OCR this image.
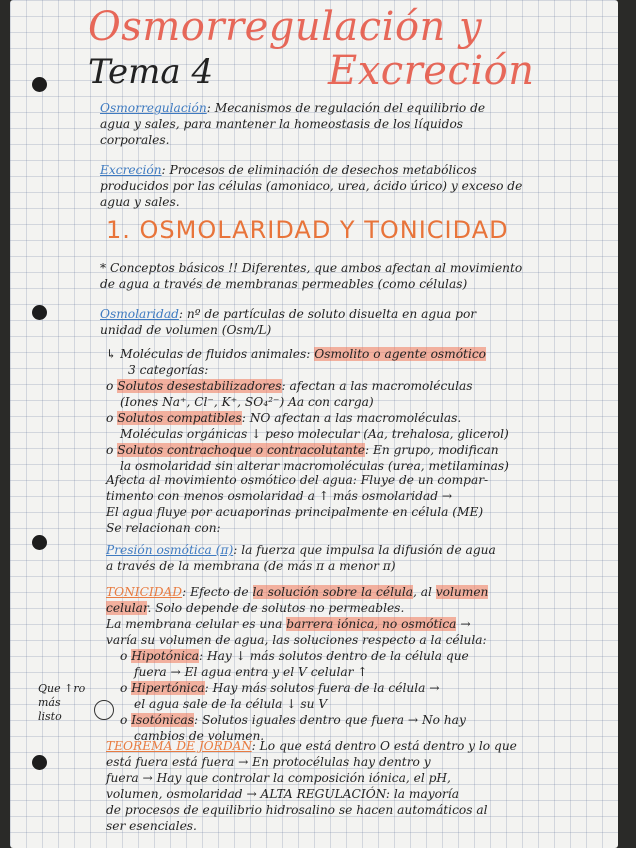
Osmorregulación y
Tema 4	Excreción
Osmorregulación: Mecanismos de regulación del equilibrio de
agua y sales, para mantener la homeostasis de los líquidos
corporales.
Excreción: Procesos de eliminación de desechos metabólicos
producidos por las células (amoniaco, urea, ácido úrico) y exceso de
agua y sales.
1. OSMOLARIDAD Y TONICIDAD
* Conceptos básicos !! Diferentes, que ambos afectan al movimiento
de agua a través de membranas permeables (como células)
Osmolaridad: nº de partículas de soluto disuelta en agua por
unidad de volumen (Osm/L)
↳ Moléculas de fluidos animales: Osmolito o agente osmótico
3 categorías:
o Solutos desestabilizadores: afectan a las macromoléculas
(Iones Na⁺, Cl⁻, K⁺, SO₄²⁻) Aa con carga)
o Solutos compatibles: NO afectan a las macromoléculas.
Moléculas orgánicas ↓ peso molecular (Aa, trehalosa, glicerol)
o Solutos contrachoque o contracolutante: En grupo, modifican
la osmolaridad sin alterar macromoléculas (urea, metilaminas)
Afecta al movimiento osmótico del agua: Fluye de un compar-
timento con menos osmolaridad a ↑ más osmolaridad →
El agua fluye por acuaporinas principalmente en célula (ME)
Se relacionan con:
Presión osmótica (π): la fuerza que impulsa la difusión de agua
a través de la membrana (de más π a menor π)
TONICIDAD: Efecto de la solución sobre la célula, al volumen
celular. Solo depende de solutos no permeables.
La membrana celular es una barrera iónica, no osmótica →
varía su volumen de agua, las soluciones respecto a la célula:
o Hipotónica: Hay ↓ más solutos dentro de la célula que
fuera → El agua entra y el V celular ↑
o Hipertónica: Hay más solutos fuera de la célula →
el agua sale de la célula ↓ su V
o Isotónicas: Solutos iguales dentro que fuera → No hay
cambios de volumen.
Que ↑ro
más
listo
TEOREMA DE JORDAN: Lo que está dentro O está dentro y lo que
está fuera está fuera → En protocélulas hay dentro y
fuera → Hay que controlar la composición iónica, el pH,
volumen, osmolaridad → ALTA REGULACIÓN: la mayoría
de procesos de equilibrio hidrosalino se hacen automáticos al
ser esenciales.
